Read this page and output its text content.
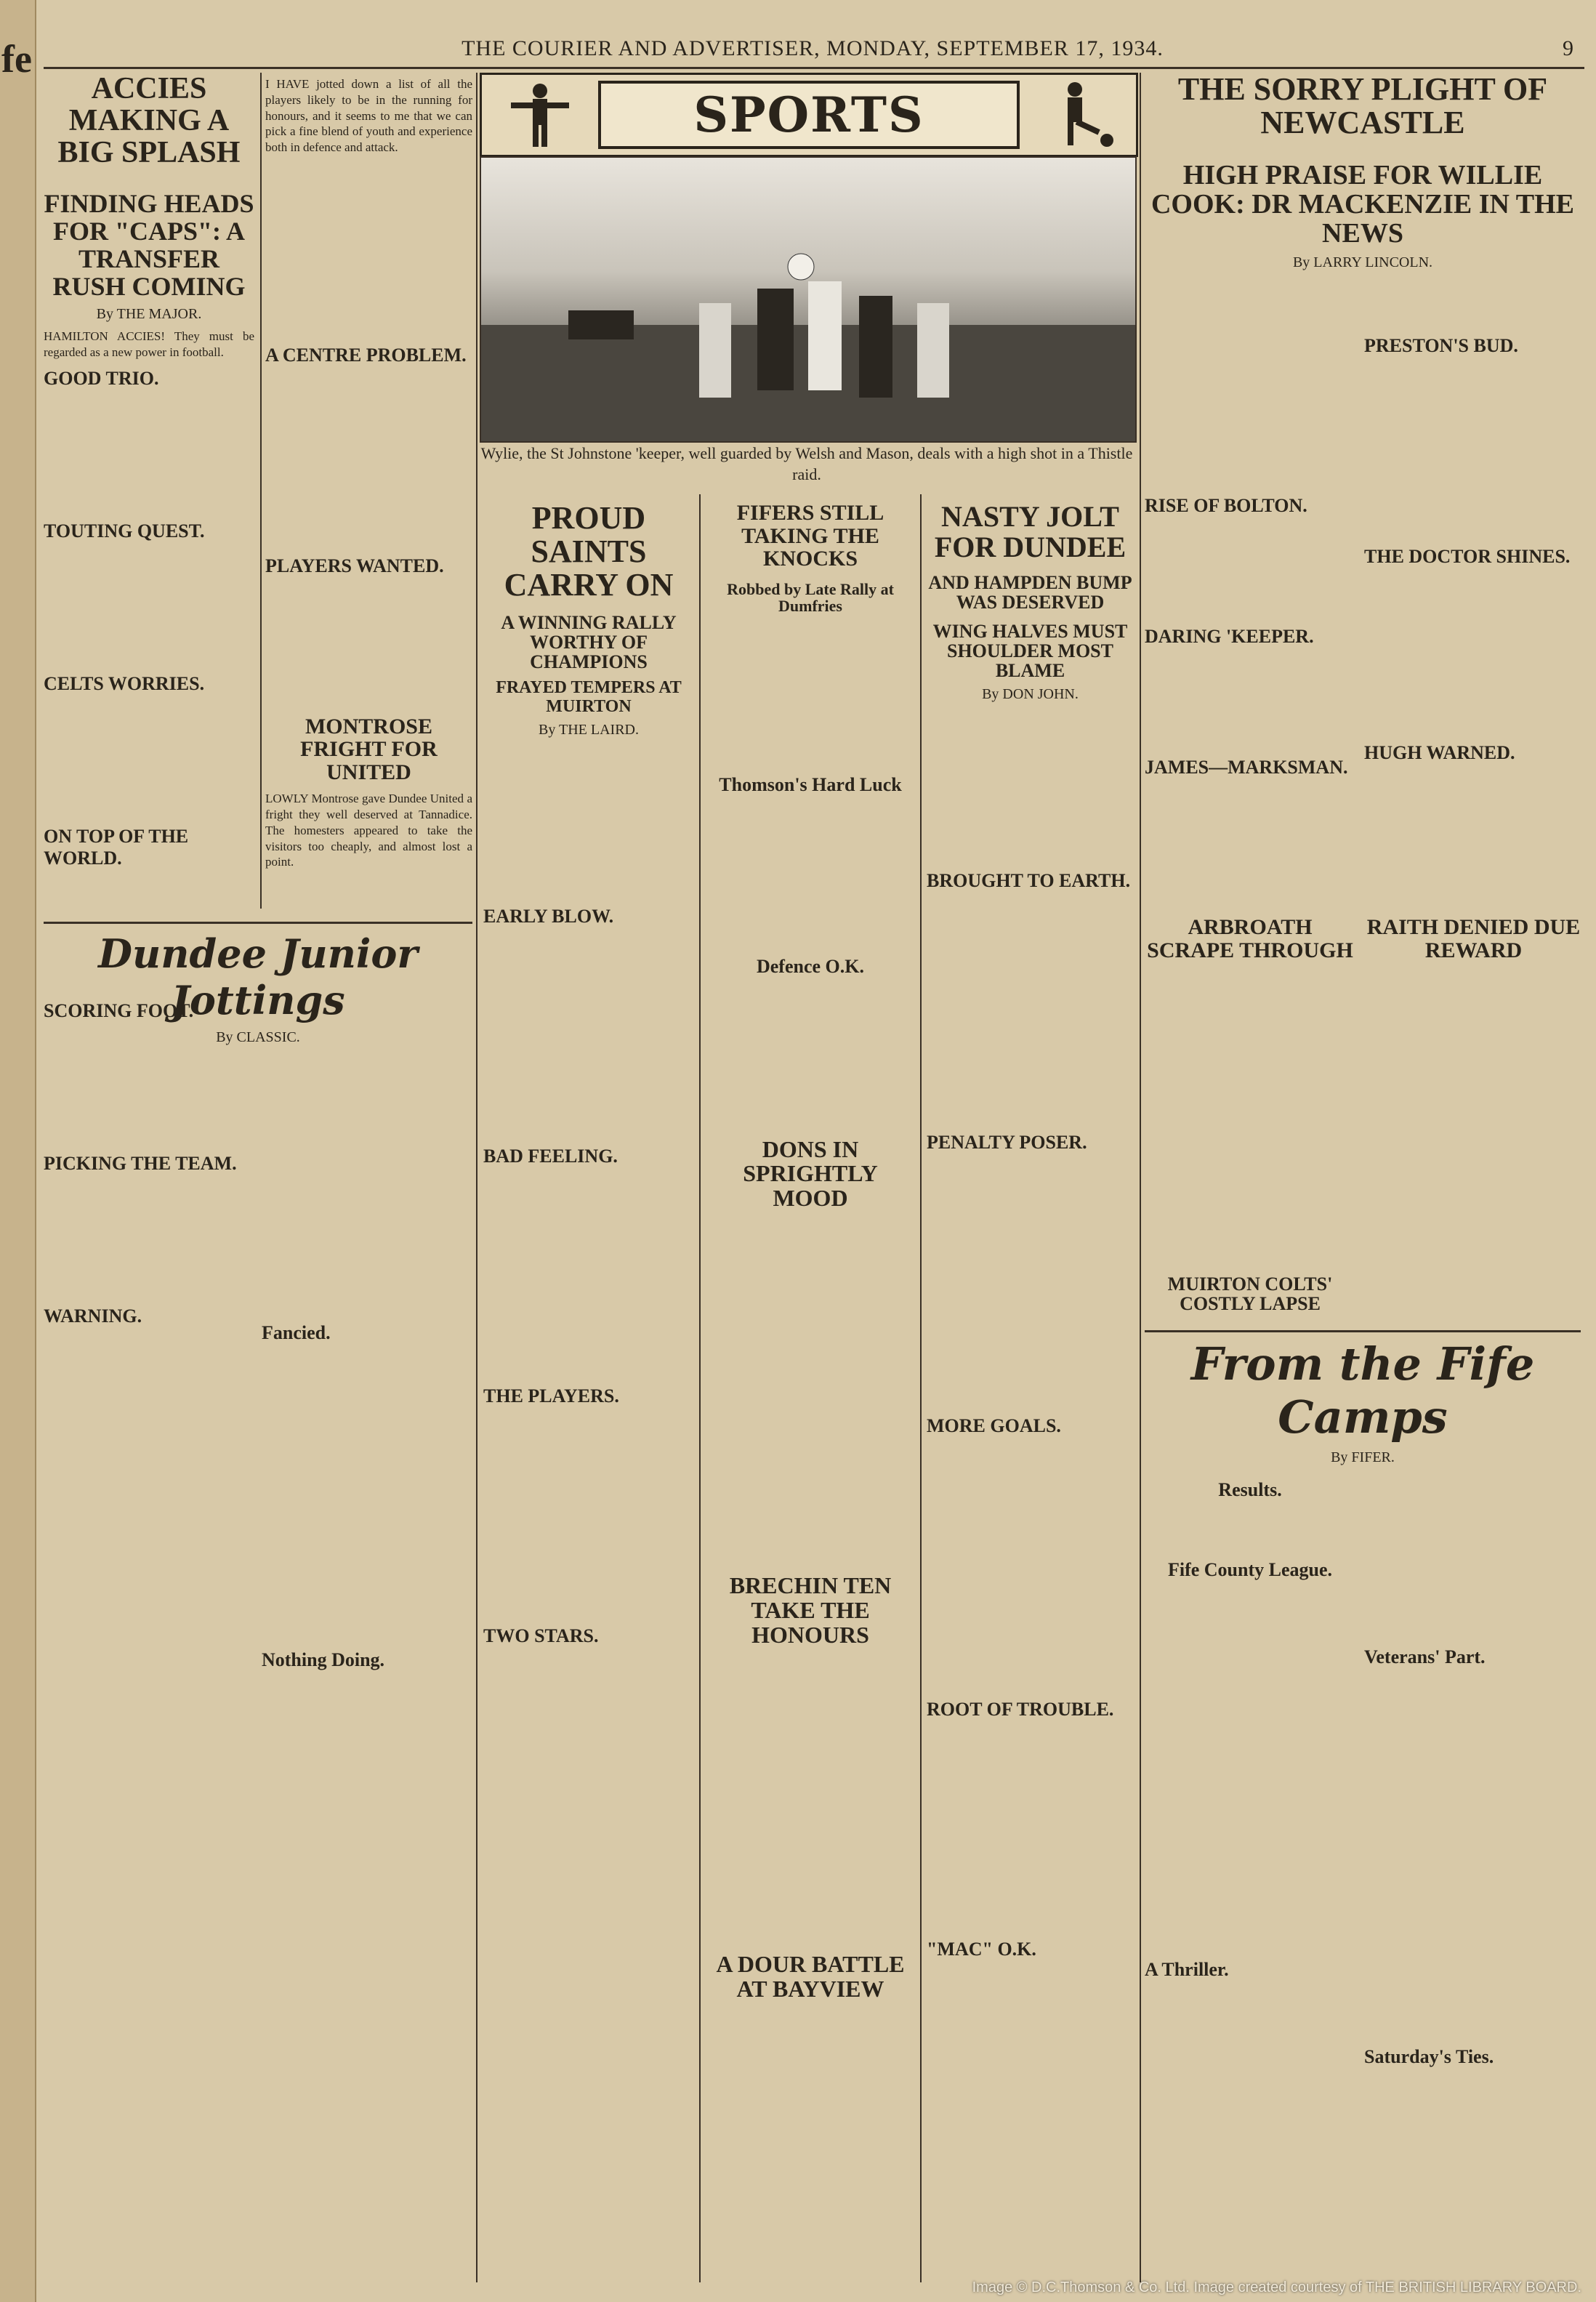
fe	THE COURIER AND ADVERTISER, MONDAY, SEPTEMBER 17, 1934.	9
SPORTS
Wylie, the St Johnstone 'keeper, well guarded by Welsh and Mason, deals with a high shot in a Thistle raid.
ACCIES MAKING A BIG SPLASH
FINDING HEADS FOR "CAPS": A TRANSFER RUSH COMING
By THE MAJOR.

HAMILTON ACCIES! They must be regarded as a new power in football.

GOOD TRIO.
TOUTING QUEST.
CELTS WORRIES.
ON TOP OF THE WORLD.
SCORING FOOT.
PICKING THE TEAM.
WARNING.

I HAVE jotted down a list of all the players likely to be in the running for honours, and it seems to me that we can pick a fine blend of youth and experience both in defence and attack.

A CENTRE PROBLEM.
PLAYERS WANTED.
MONTROSE FRIGHT FOR UNITED

LOWLY Montrose gave Dundee United a fright they well deserved at Tannadice. The homesters appeared to take the visitors too cheaply, and almost lost a point.

Dundee Junior Jottings
By CLASSIC.
Fancied.
Nothing Doing.
PROUD SAINTS CARRY ON
A WINNING RALLY WORTHY OF CHAMPIONS
FRAYED TEMPERS AT MUIRTON
By THE LAIRD.
EARLY BLOW.
BAD FEELING.
THE PLAYERS.
TWO STARS.
FIFERS STILL TAKING THE KNOCKS
Robbed by Late Rally at Dumfries
Thomson's Hard Luck
Defence O.K.
DONS IN SPRIGHTLY MOOD
BRECHIN TEN TAKE THE HONOURS
A DOUR BATTLE AT BAYVIEW
NASTY JOLT FOR DUNDEE
AND HAMPDEN BUMP WAS DESERVED
WING HALVES MUST SHOULDER MOST BLAME
By DON JOHN.
BROUGHT TO EARTH.
PENALTY POSER.
MORE GOALS.
ROOT OF TROUBLE.
"MAC" O.K.
THE SORRY PLIGHT OF NEWCASTLE
HIGH PRAISE FOR WILLIE COOK: DR MACKENZIE IN THE NEWS
By LARRY LINCOLN.
RISE OF BOLTON.
DARING 'KEEPER.
JAMES—MARKSMAN.
PRESTON'S BUD.
THE DOCTOR SHINES.
HUGH WARNED.
ARBROATH SCRAPE THROUGH
MUIRTON COLTS' COSTLY LAPSE
RAITH DENIED DUE REWARD
From the Fife Camps
By FIFER.
Results.
Fife County League.
A Thriller.
Veterans' Part.
Saturday's Ties.
Image © D.C.Thomson & Co. Ltd. Image created courtesy of THE BRITISH LIBRARY BOARD.
